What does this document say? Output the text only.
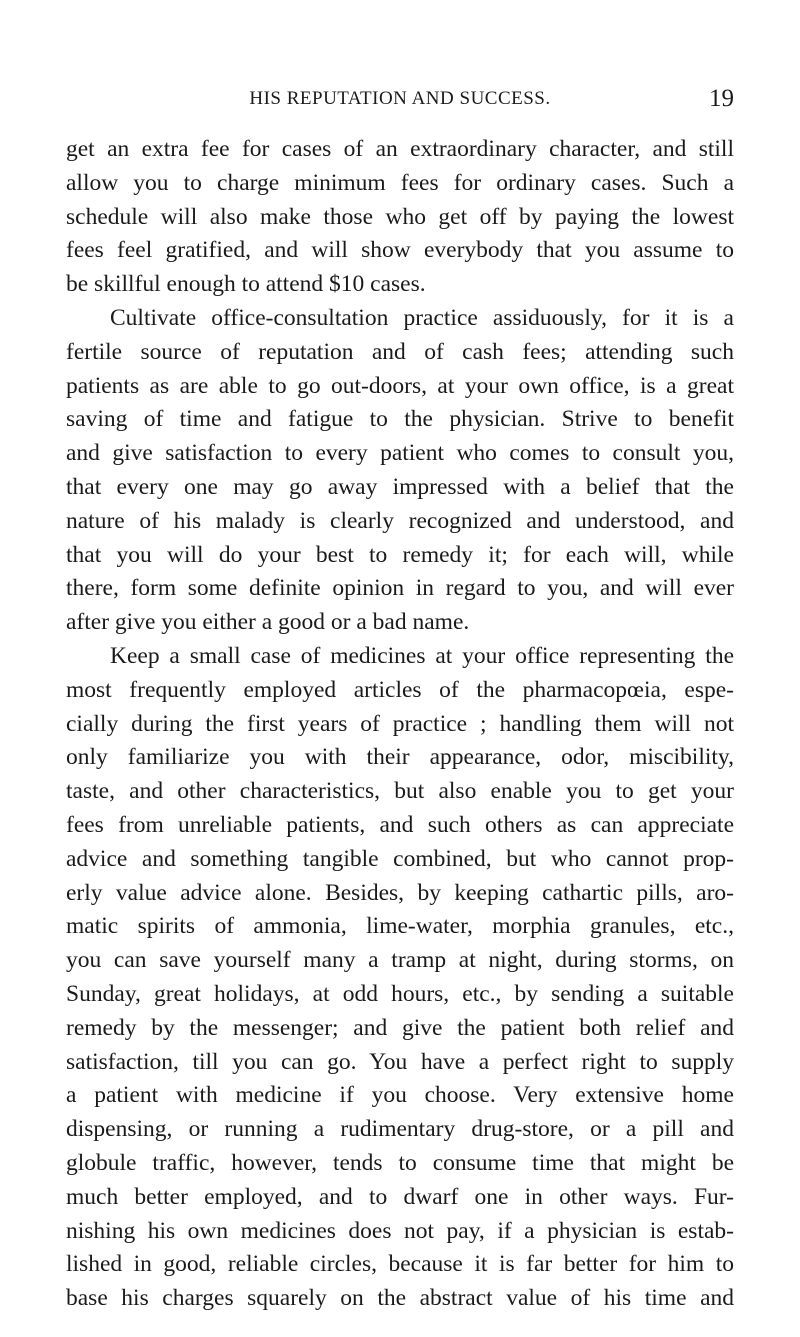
HIS REPUTATION AND SUCCESS.	19
get an extra fee for cases of an extraordinary character, and still
allow you to charge minimum fees for ordinary cases. Such a
schedule will also make those who get off by paying the lowest
fees feel gratified, and will show everybody that you assume to
be skillful enough to attend $10 cases.
Cultivate office-consultation practice assiduously, for it is a
fertile source of reputation and of cash fees; attending such
patients as are able to go out-doors, at your own office, is a great
saving of time and fatigue to the physician. Strive to benefit
and give satisfaction to every patient who comes to consult you,
that every one may go away impressed with a belief that the
nature of his malady is clearly recognized and understood, and
that you will do your best to remedy it; for each will, while
there, form some definite opinion in regard to you, and will ever
after give you either a good or a bad name.
Keep a small case of medicines at your office representing the
most frequently employed articles of the pharmacopœia, espe-
cially during the first years of practice ; handling them will not
only familiarize you with their appearance, odor, miscibility,
taste, and other characteristics, but also enable you to get your
fees from unreliable patients, and such others as can appreciate
advice and something tangible combined, but who cannot prop-
erly value advice alone. Besides, by keeping cathartic pills, aro-
matic spirits of ammonia, lime-water, morphia granules, etc.,
you can save yourself many a tramp at night, during storms, on
Sunday, great holidays, at odd hours, etc., by sending a suitable
remedy by the messenger; and give the patient both relief and
satisfaction, till you can go. You have a perfect right to supply
a patient with medicine if you choose. Very extensive home
dispensing, or running a rudimentary drug-store, or a pill and
globule traffic, however, tends to consume time that might be
much better employed, and to dwarf one in other ways. Fur-
nishing his own medicines does not pay, if a physician is estab-
lished in good, reliable circles, because it is far better for him to
base his charges squarely on the abstract value of his time and
